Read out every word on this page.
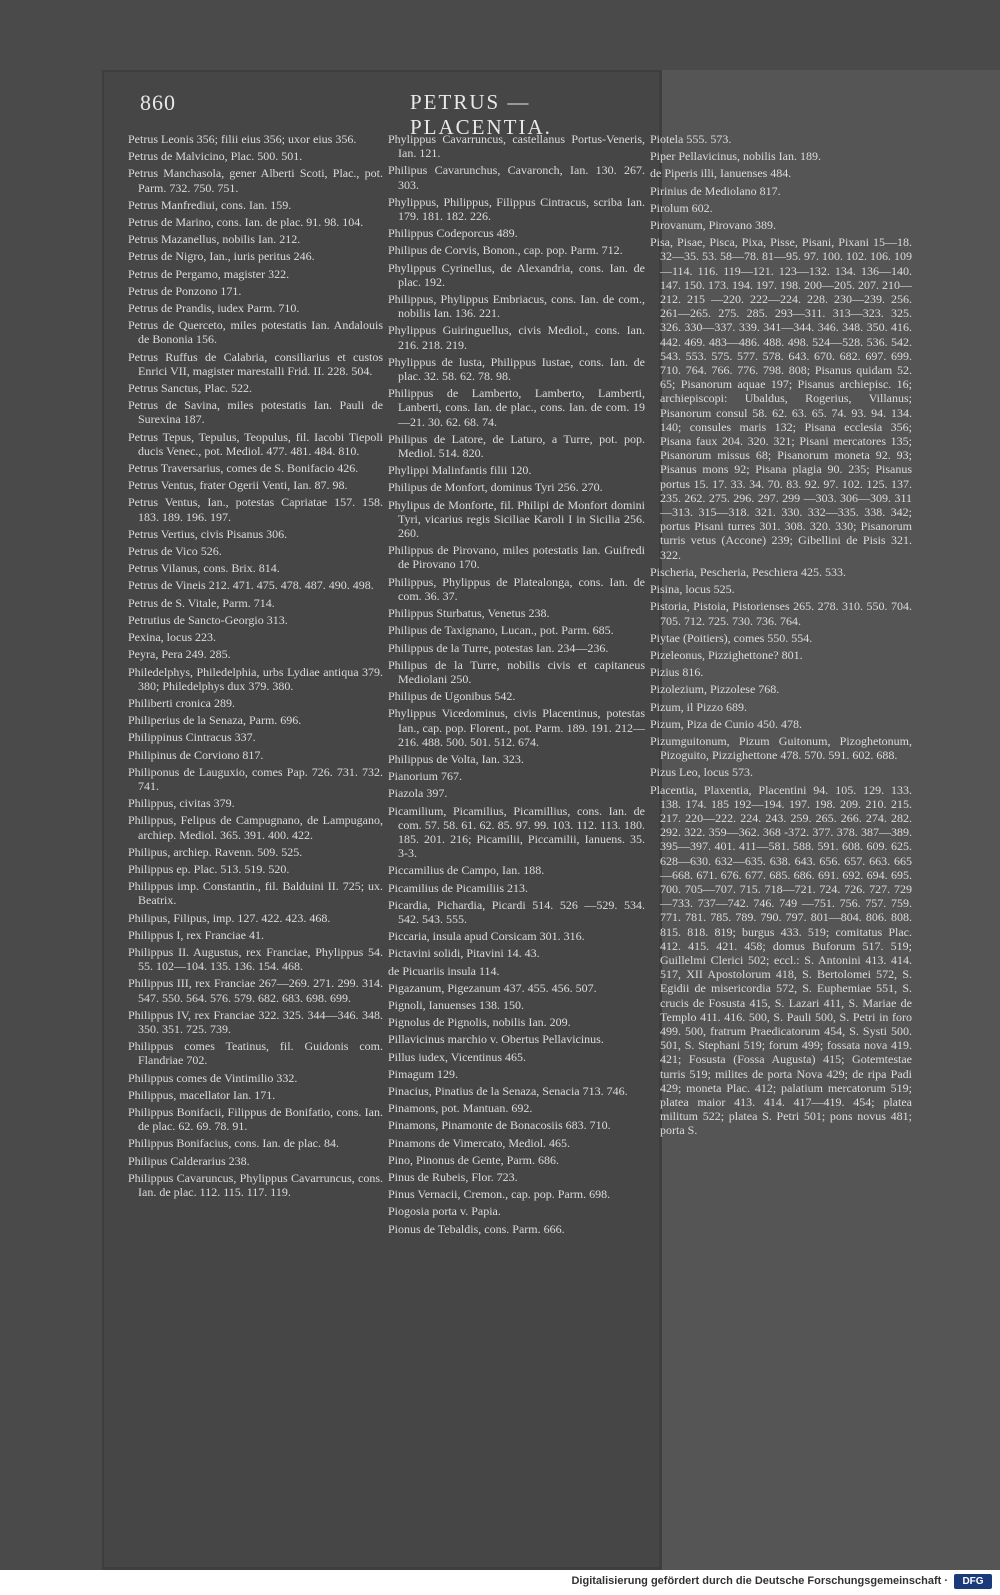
860	PETRUS — PLACENTIA.
Petrus Leonis 356; filii eius 356; uxor eius 356.
Petrus de Malvicino, Plac. 500. 501.
Petrus Manchasola, gener Alberti Scoti, Plac., pot. Parm. 732. 750. 751.
Petrus Manfrediui, cons. Ian. 159.
Petrus de Marino, cons. Ian. de plac. 91. 98. 104.
Petrus Mazanellus, nobilis Ian. 212.
Petrus de Nigro, Ian., iuris peritus 246.
Petrus de Pergamo, magister 322.
Petrus de Ponzono 171.
Petrus de Prandis, iudex Parm. 710.
Petrus de Querceto, miles potestatis Ian. Andalouis de Bononia 156.
Petrus Ruffus de Calabria, consiliarius et custos Enrici VII, magister marestalli Frid. II. 228. 504.
Petrus Sanctus, Plac. 522.
Petrus de Savina, miles potestatis Ian. Pauli de Surexina 187.
Petrus Tepus, Tepulus, Teopulus, fil. Iacobi Tiepoli ducis Venec., pot. Mediol. 477. 481. 484. 810.
Petrus Traversarius, comes de S. Bonifacio 426.
Petrus Ventus, frater Ogerii Venti, Ian. 87. 98.
Petrus Ventus, Ian., potestas Capriatae 157. 158. 183. 189. 196. 197.
Petrus Vertius, civis Pisanus 306.
Petrus de Vico 526.
Petrus Vilanus, cons. Brix. 814.
Petrus de Vineis 212. 471. 475. 478. 487. 490. 498.
Petrus de S. Vitale, Parm. 714.
Petrutius de Sancto-Georgio 313.
Pexina, locus 223.
Peyra, Pera 249. 285.
Philedelphys, Philedelphia, urbs Lydiae antiqua 379. 380; Philedelphys dux 379. 380.
Philiberti cronica 289.
Philiperius de la Senaza, Parm. 696.
Philippinus Cintracus 337.
Philipinus de Corviono 817.
Philiponus de Lauguxio, comes Pap. 726. 731. 732. 741.
Philippus, civitas 379.
Philippus, Felipus de Campugnano, de Lampugano, archiep. Mediol. 365. 391. 400. 422.
Philipus, archiep. Ravenn. 509. 525.
Philippus ep. Plac. 513. 519. 520.
Philippus imp. Constantin., fil. Balduini II. 725; ux. Beatrix.
Philipus, Filipus, imp. 127. 422. 423. 468.
Philippus I, rex Franciae 41.
Philippus II. Augustus, rex Franciae, Phylippus 54. 55. 102—104. 135. 136. 154. 468.
Philippus III, rex Franciae 267—269. 271. 299. 314. 547. 550. 564. 576. 579. 682. 683. 698. 699.
Philippus IV, rex Franciae 322. 325. 344—346. 348. 350. 351. 725. 739.
Philippus comes Teatinus, fil. Guidonis com. Flandriae 702.
Philippus comes de Vintimilio 332.
Philippus, macellator Ian. 171.
Philippus Bonifacii, Filippus de Bonifatio, cons. Ian. de plac. 62. 69. 78. 91.
Philippus Bonifacius, cons. Ian. de plac. 84.
Philipus Calderarius 238.
Philippus Cavaruncus, Phylippus Cavarruncus, cons. Ian. de plac. 112. 115. 117. 119.
Phylippus Cavarruncus, castellanus Portus-Veneris, Ian. 121.
Philipus Cavarunchus, Cavaronch, Ian. 130. 267. 303.
Phylippus, Philippus, Filippus Cintracus, scriba Ian. 179. 181. 182. 226.
Philippus Codeporcus 489.
Philipus de Corvis, Bonon., cap. pop. Parm. 712.
Phylippus Cyrinellus, de Alexandria, cons. Ian. de plac. 192.
Philippus, Phylippus Embriacus, cons. Ian. de com., nobilis Ian. 136. 221.
Phylippus Guiringuellus, civis Mediol., cons. Ian. 216. 218. 219.
Phylippus de Iusta, Philippus Iustae, cons. Ian. de plac. 32. 58. 62. 78. 98.
Philippus de Lamberto, Lamberto, Lamberti, Lanberti, cons. Ian. de plac., cons. Ian. de com. 19—21. 30. 62. 68. 74.
Philipus de Latore, de Laturo, a Turre, pot. pop. Mediol. 514. 820.
Phylippi Malinfantis filii 120.
Philipus de Monfort, dominus Tyri 256. 270.
Phylipus de Monforte, fil. Philipi de Monfort domini Tyri, vicarius regis Siciliae Karoli I in Sicilia 256. 260.
Philippus de Pirovano, miles potestatis Ian. Guifredi de Pirovano 170.
Philippus, Phylippus de Platealonga, cons. Ian. de com. 36. 37.
Philippus Sturbatus, Venetus 238.
Philipus de Taxignano, Lucan., pot. Parm. 685.
Philippus de la Turre, potestas Ian. 234—236.
Philipus de la Turre, nobilis civis et capitaneus Mediolani 250.
Philipus de Ugonibus 542.
Phylippus Vicedominus, civis Placentinus, potestas Ian., cap. pop. Florent., pot. Parm. 189. 191. 212—216. 488. 500. 501. 512. 674.
Philippus de Volta, Ian. 323.
Pianorium 767.
Piazola 397.
Picamilium, Picamilius, Picamillius, cons. Ian. de com. 57. 58. 61. 62. 85. 97. 99. 103. 112. 113. 180. 185. 201. 216; Picamilii, Piccamilii, Ianuens. 35. 3-3.
Piccamilius de Campo, Ian. 188.
Picamilius de Picamiliis 213.
Picardia, Pichardia, Picardi 514. 526 —529. 534. 542. 543. 555.
Piccaria, insula apud Corsicam 301. 316.
Pictavini solidi, Pitavini 14. 43.
de Picuariis insula 114.
Pigazanum, Pigezanum 437. 455. 456. 507.
Pignoli, Ianuenses 138. 150.
Pignolus de Pignolis, nobilis Ian. 209.
Pillavicinus marchio v. Obertus Pellavicinus.
Pillus iudex, Vicentinus 465.
Pimagum 129.
Pinacius, Pinatius de la Senaza, Senacia 713. 746.
Pinamons, pot. Mantuan. 692.
Pinamons, Pinamonte de Bonacosiis 683. 710.
Pinamons de Vimercato, Mediol. 465.
Pino, Pinonus de Gente, Parm. 686.
Pinus de Rubeis, Flor. 723.
Pinus Vernacii, Cremon., cap. pop. Parm. 698.
Piogosia porta v. Papia.
Pionus de Tebaldis, cons. Parm. 666.
Piotela 555. 573.
Piper Pellavicinus, nobilis Ian. 189.
de Piperis illi, Ianuenses 484.
Pirinius de Mediolano 817.
Pirolum 602.
Pirovanum, Pirovano 389.
Pisa, Pisae, Pisca, Pixa, Pisse, Pisani, Pixani 15—18. 32—35. 53. 58—78. 81—95. 97. 100. 102. 106. 109—114. 116. 119—121. 123—132. 134. 136—140. 147. 150. 173. 194. 197. 198. 200—205. 207. 210—212. 215 —220. 222—224. 228. 230—239. 256. 261—265. 275. 285. 293—311. 313—323. 325. 326. 330—337. 339. 341—344. 346. 348. 350. 416. 442. 469. 483—486. 488. 498. 524—528. 536. 542. 543. 553. 575. 577. 578. 643. 670. 682. 697. 699. 710. 764. 766. 776. 798. 808; Pisanus quidam 52. 65; Pisanorum aquae 197; Pisanus archiepisc. 16; archiepiscopi: Ubaldus, Rogerius, Villanus; Pisanorum consul 58. 62. 63. 65. 74. 93. 94. 134. 140; consules maris 132; Pisana ecclesia 356; Pisana faux 204. 320. 321; Pisani mercatores 135; Pisanorum missus 68; Pisanorum moneta 92. 93; Pisanus mons 92; Pisana plagia 90. 235; Pisanus portus 15. 17. 33. 34. 70. 83. 92. 97. 102. 125. 137. 235. 262. 275. 296. 297. 299 —303. 306—309. 311—313. 315—318. 321. 330. 332—335. 338. 342; portus Pisani turres 301. 308. 320. 330; Pisanorum turris vetus (Accone) 239; Gibellini de Pisis 321. 322.
Pischeria, Pescheria, Peschiera 425. 533.
Pisina, locus 525.
Pistoria, Pistoia, Pistorienses 265. 278. 310. 550. 704. 705. 712. 725. 730. 736. 764.
Piytae (Poitiers), comes 550. 554.
Pizeleonus, Pizzighettone? 801.
Pizius 816.
Pizolezium, Pizzolese 768.
Pizum, il Pizzo 689.
Pizum, Piza de Cunio 450. 478.
Pizumguitonum, Pizum Guitonum, Pizoghetonum, Pizoguito, Pizzighettone 478. 570. 591. 602. 688.
Pizus Leo, locus 573.
Placentia, Plaxentia, Placentini 94. 105. 129. 133. 138. 174. 185 192—194. 197. 198. 209. 210. 215. 217. 220—222. 224. 243. 259. 265. 266. 274. 282. 292. 322. 359—362. 368 -372. 377. 378. 387—389. 395—397. 401. 411—581. 588. 591. 608. 609. 625. 628—630. 632—635. 638. 643. 656. 657. 663. 665—668. 671. 676. 677. 685. 686. 691. 692. 694. 695. 700. 705—707. 715. 718—721. 724. 726. 727. 729—733. 737—742. 746. 749 —751. 756. 757. 759. 771. 781. 785. 789. 790. 797. 801—804. 806. 808. 815. 818. 819; burgus 433. 519; comitatus Plac. 412. 415. 421. 458; domus Buforum 517. 519; Guillelmi Clerici 502; eccl.: S. Antonini 413. 414. 517, XII Apostolorum 418, S. Bertolomei 572, S. Egidii de misericordia 572, S. Euphemiae 551, S. crucis de Fosusta 415, S. Lazari 411, S. Mariae de Templo 411. 416. 500, S. Pauli 500, S. Petri in foro 499. 500, fratrum Praedicatorum 454, S. Systi 500. 501, S. Stephani 519; forum 499; fossata nova 419. 421; Fosusta (Fossa Augusta) 415; Gotemtestae turris 519; milites de porta Nova 429; de ripa Padi 429; moneta Plac. 412; palatium mercatorum 519; platea maior 413. 414. 417—419. 454; platea militum 522; platea S. Petri 501; pons novus 481; porta S.
Digitalisierung gefördert durch die Deutsche Forschungsgemeinschaft ·	DFG
